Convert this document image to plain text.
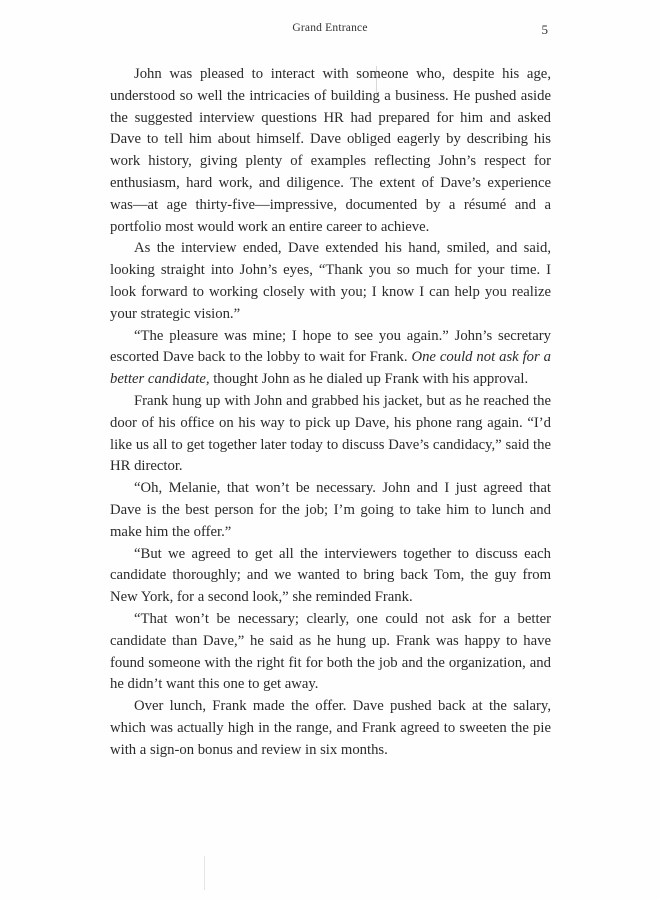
Grand Entrance	5

John was pleased to interact with someone who, despite his age, understood so well the intricacies of building a business. He pushed aside the suggested interview questions HR had prepared for him and asked Dave to tell him about himself. Dave obliged eagerly by describing his work history, giving plenty of examples reflecting John’s respect for enthusiasm, hard work, and diligence. The extent of Dave’s experience was—at age thirty-five—impressive, documented by a résumé and a portfolio most would work an entire career to achieve.

As the interview ended, Dave extended his hand, smiled, and said, looking straight into John’s eyes, “Thank you so much for your time. I look forward to working closely with you; I know I can help you realize your strategic vision.”

“The pleasure was mine; I hope to see you again.” John’s secretary escorted Dave back to the lobby to wait for Frank. One could not ask for a better candidate, thought John as he dialed up Frank with his approval.

Frank hung up with John and grabbed his jacket, but as he reached the door of his office on his way to pick up Dave, his phone rang again. “I’d like us all to get together later today to discuss Dave’s candidacy,” said the HR director.

“Oh, Melanie, that won’t be necessary. John and I just agreed that Dave is the best person for the job; I’m going to take him to lunch and make him the offer.”

“But we agreed to get all the interviewers together to discuss each candidate thoroughly; and we wanted to bring back Tom, the guy from New York, for a second look,” she reminded Frank.

“That won’t be necessary; clearly, one could not ask for a better candidate than Dave,” he said as he hung up. Frank was happy to have found someone with the right fit for both the job and the organization, and he didn’t want this one to get away.

Over lunch, Frank made the offer. Dave pushed back at the salary, which was actually high in the range, and Frank agreed to sweeten the pie with a sign-on bonus and review in six months.
